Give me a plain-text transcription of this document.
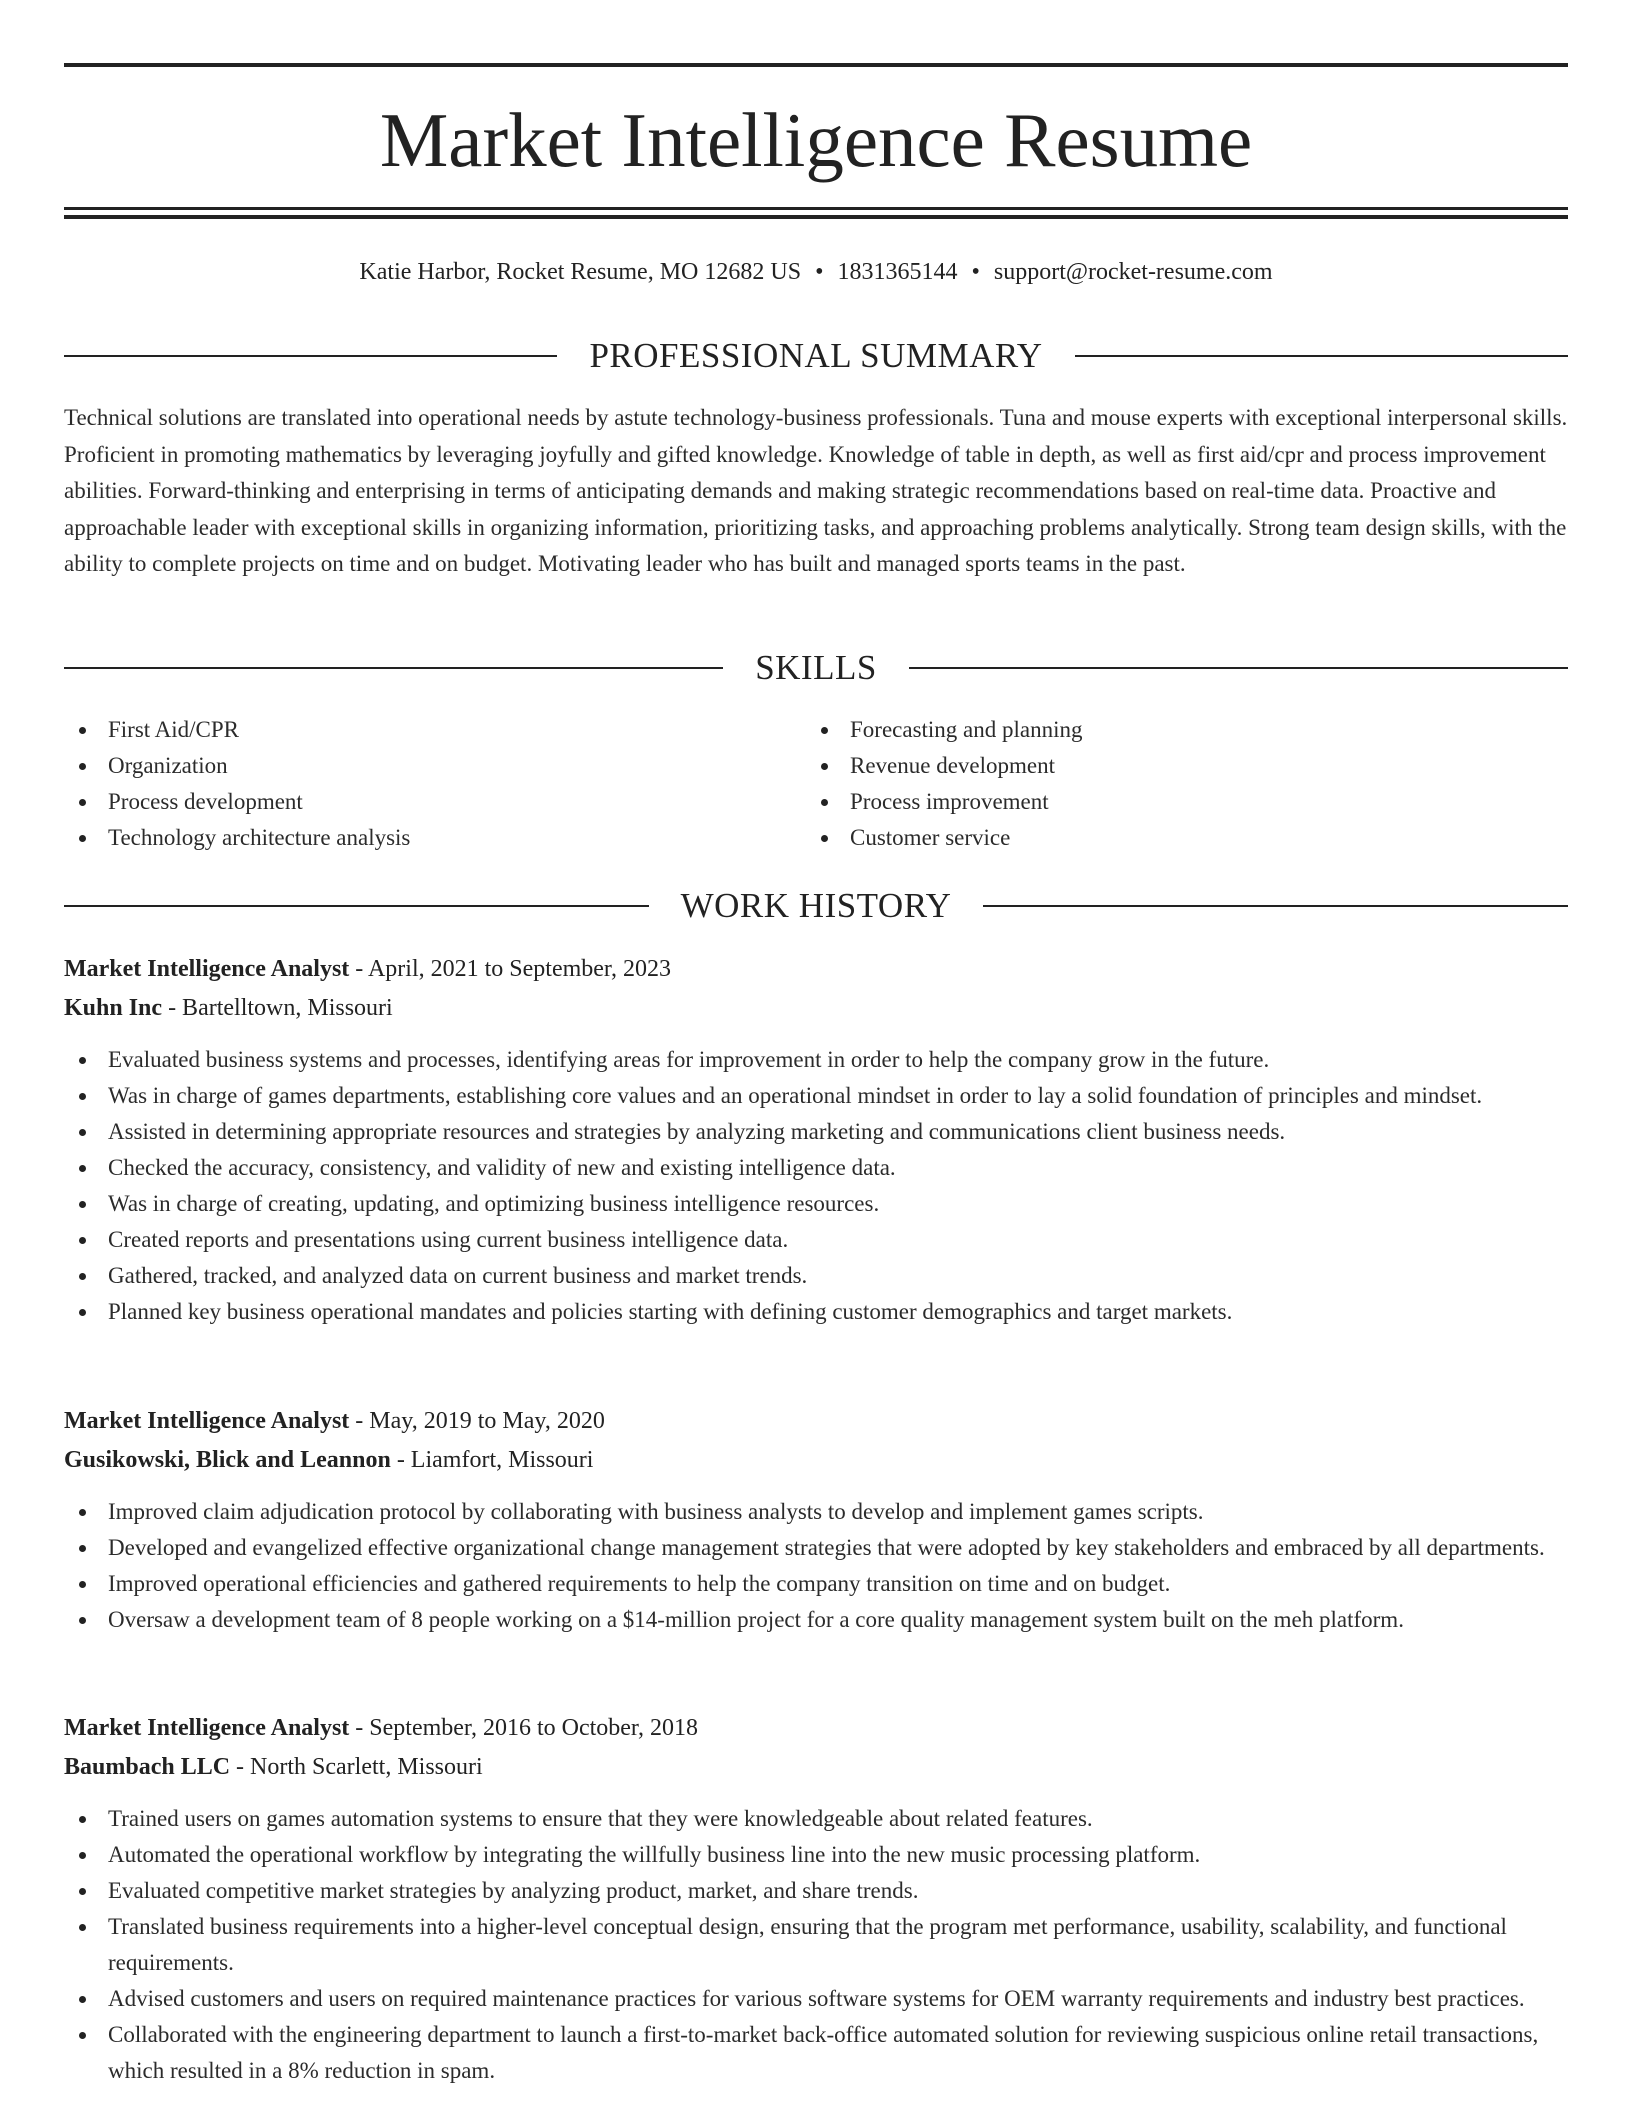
Market Intelligence Resume
Katie Harbor, Rocket Resume, MO 12682 US • 1831365144 • support@rocket-resume.com
PROFESSIONAL SUMMARY

Technical solutions are translated into operational needs by astute technology-business professionals. Tuna and mouse experts with exceptional interpersonal skills. Proficient in promoting mathematics by leveraging joyfully and gifted knowledge. Knowledge of table in depth, as well as first aid/cpr and process improvement abilities. Forward-thinking and enterprising in terms of anticipating demands and making strategic recommendations based on real-time data. Proactive and approachable leader with exceptional skills in organizing information, prioritizing tasks, and approaching problems analytically. Strong team design skills, with the ability to complete projects on time and on budget. Motivating leader who has built and managed sports teams in the past.

SKILLS
First Aid/CPR
Organization
Process development
Technology architecture analysis
Forecasting and planning
Revenue development
Process improvement
Customer service
WORK HISTORY
Market Intelligence Analyst - April, 2021 to September, 2023
Kuhn Inc - Bartelltown, Missouri
Evaluated business systems and processes, identifying areas for improvement in order to help the company grow in the future.
Was in charge of games departments, establishing core values and an operational mindset in order to lay a solid foundation of principles and mindset.
Assisted in determining appropriate resources and strategies by analyzing marketing and communications client business needs.
Checked the accuracy, consistency, and validity of new and existing intelligence data.
Was in charge of creating, updating, and optimizing business intelligence resources.
Created reports and presentations using current business intelligence data.
Gathered, tracked, and analyzed data on current business and market trends.
Planned key business operational mandates and policies starting with defining customer demographics and target markets.
Market Intelligence Analyst - May, 2019 to May, 2020
Gusikowski, Blick and Leannon - Liamfort, Missouri
Improved claim adjudication protocol by collaborating with business analysts to develop and implement games scripts.
Developed and evangelized effective organizational change management strategies that were adopted by key stakeholders and embraced by all departments.
Improved operational efficiencies and gathered requirements to help the company transition on time and on budget.
Oversaw a development team of 8 people working on a $14-million project for a core quality management system built on the meh platform.
Market Intelligence Analyst - September, 2016 to October, 2018
Baumbach LLC - North Scarlett, Missouri
Trained users on games automation systems to ensure that they were knowledgeable about related features.
Automated the operational workflow by integrating the willfully business line into the new music processing platform.
Evaluated competitive market strategies by analyzing product, market, and share trends.
Translated business requirements into a higher-level conceptual design, ensuring that the program met performance, usability, scalability, and functional requirements.
Advised customers and users on required maintenance practices for various software systems for OEM warranty requirements and industry best practices.
Collaborated with the engineering department to launch a first-to-market back-office automated solution for reviewing suspicious online retail transactions, which resulted in a 8% reduction in spam.
